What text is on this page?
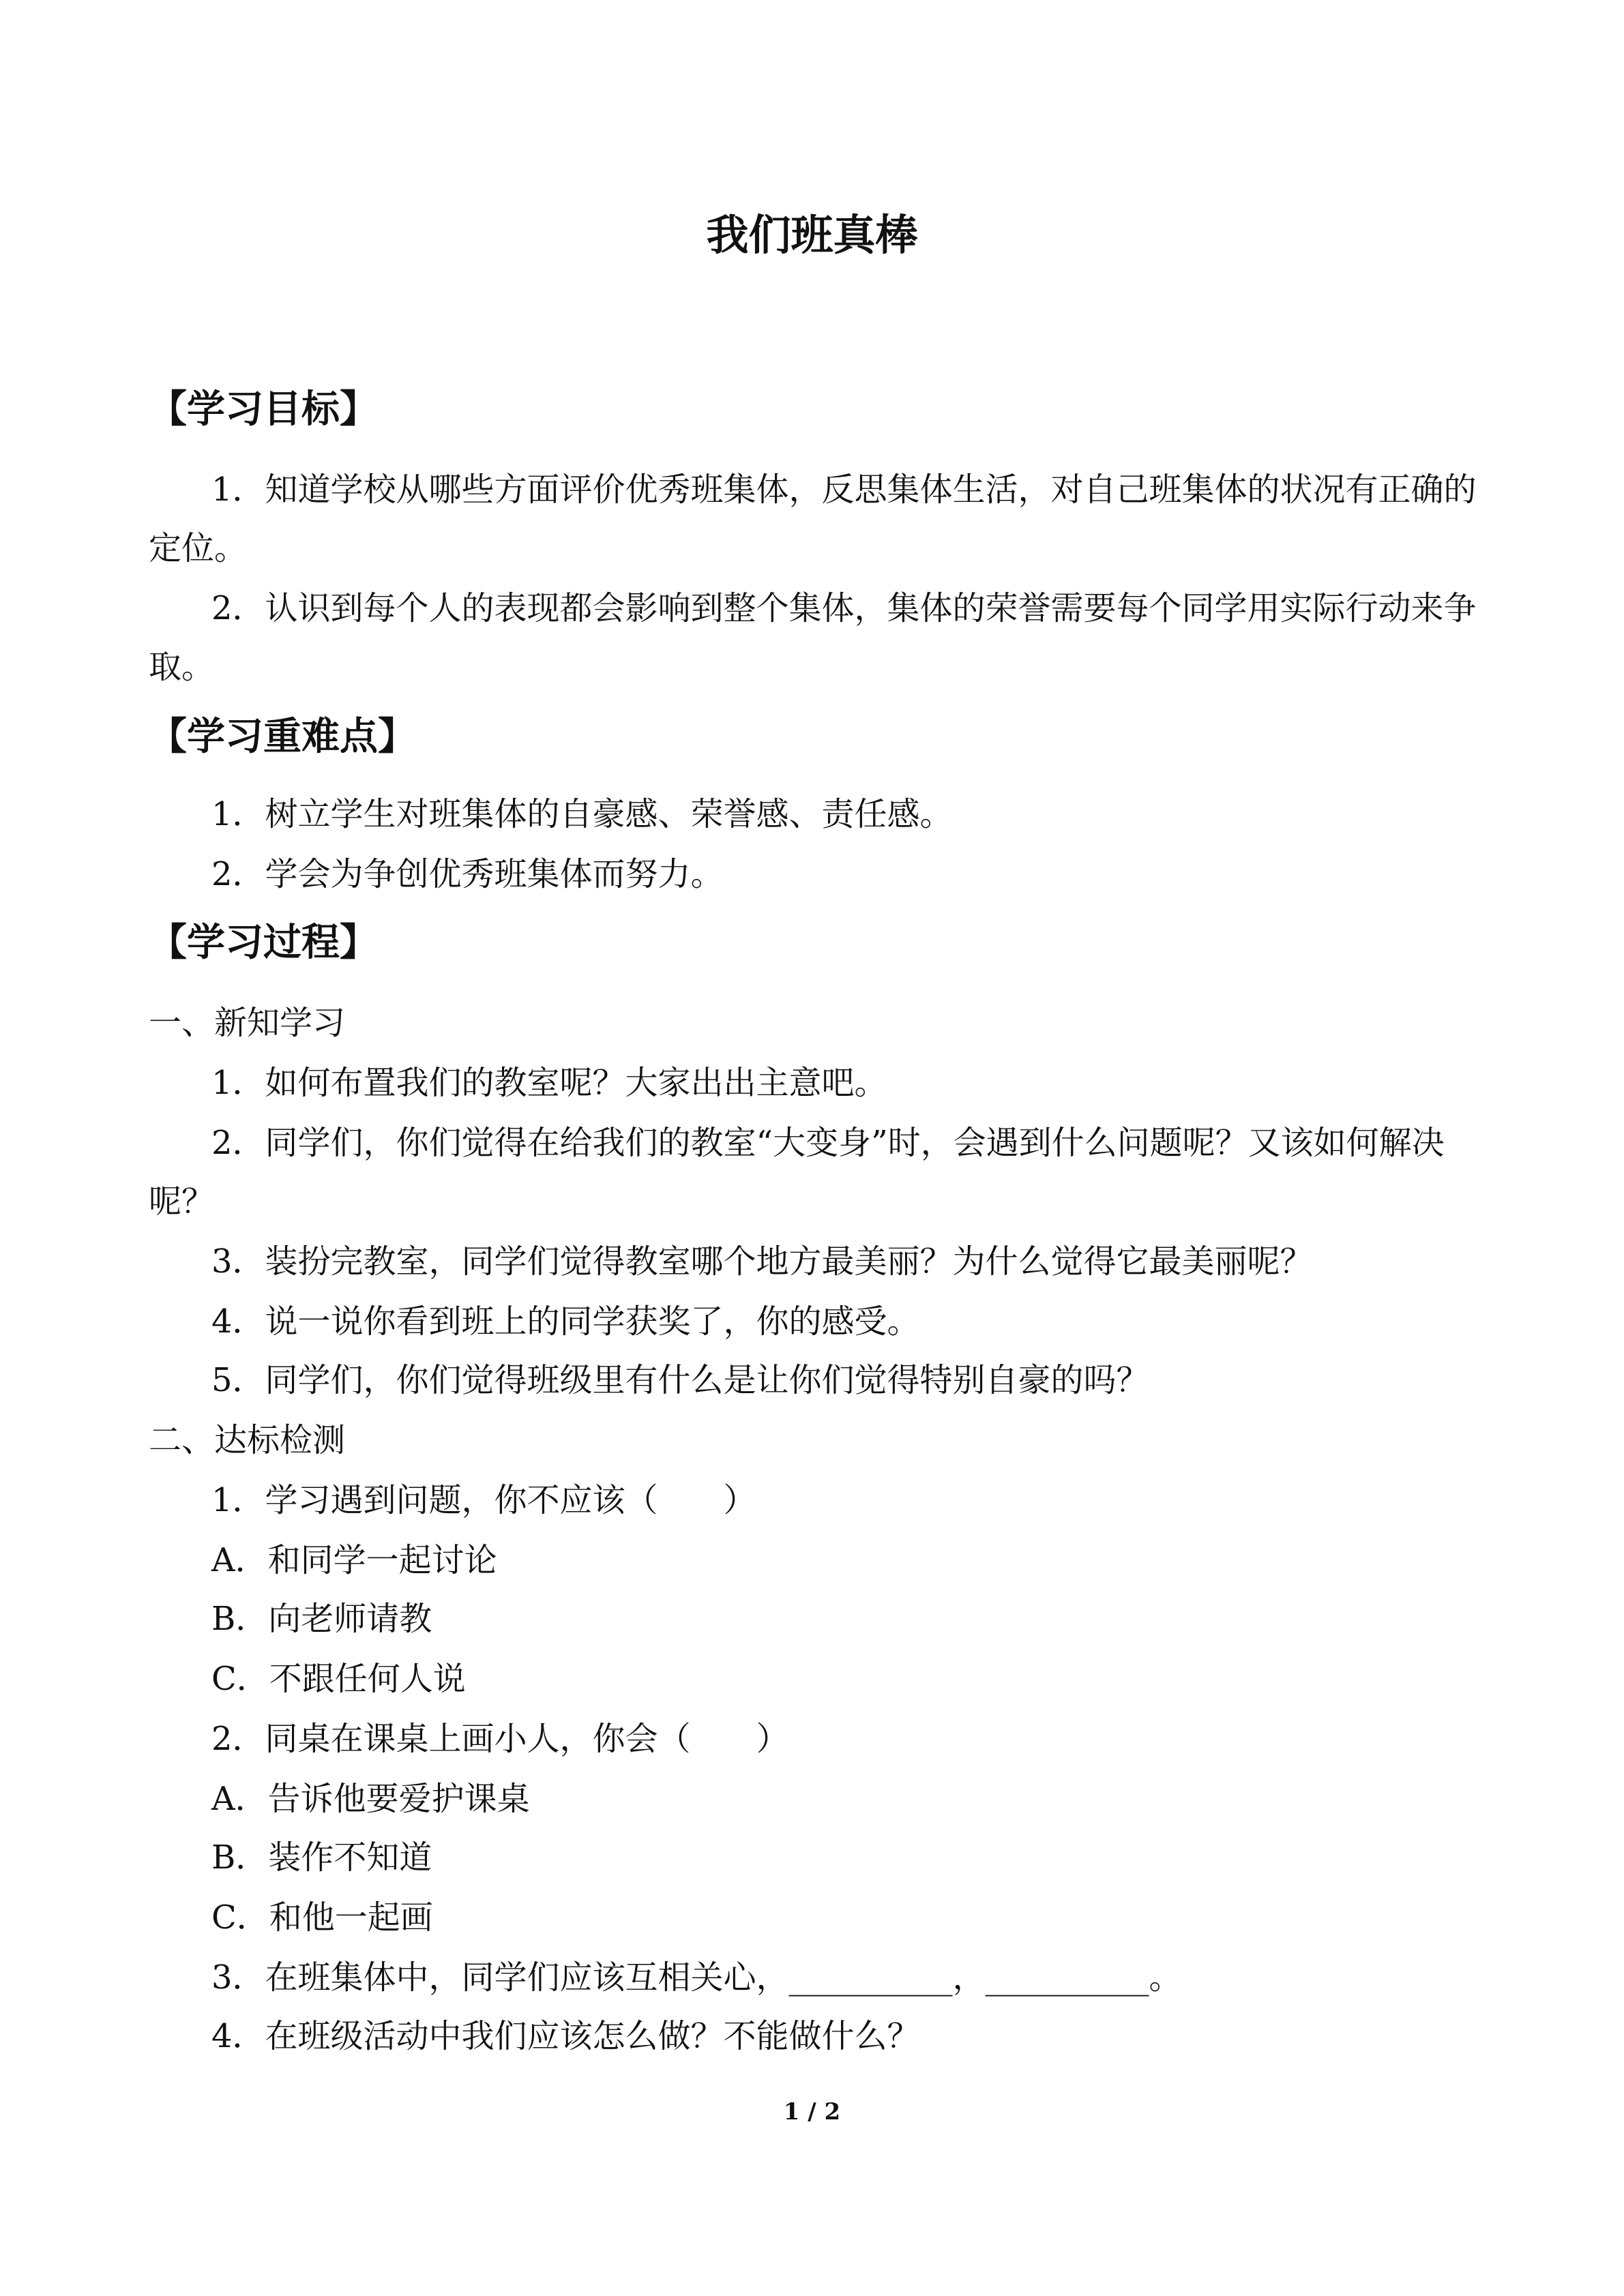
我们班真棒
【学习目标】
1．知道学校从哪些方面评价优秀班集体，反思集体生活，对自己班集体的状况有正确的
定位。
2．认识到每个人的表现都会影响到整个集体，集体的荣誉需要每个同学用实际行动来争
取。
【学习重难点】
1．树立学生对班集体的自豪感、荣誉感、责任感。
2．学会为争创优秀班集体而努力。
【学习过程】
一、新知学习
1．如何布置我们的教室呢？大家出出主意吧。
2．同学们，你们觉得在给我们的教室“大变身”时，会遇到什么问题呢？又该如何解决
呢？
3．装扮完教室，同学们觉得教室哪个地方最美丽？为什么觉得它最美丽呢？
4．说一说你看到班上的同学获奖了，你的感受。
5．同学们，你们觉得班级里有什么是让你们觉得特别自豪的吗？
二、达标检测
1．学习遇到问题，你不应该（　　）
A．和同学一起讨论
B．向老师请教
C．不跟任何人说
2．同桌在课桌上画小人，你会（　　）
A．告诉他要爱护课桌
B．装作不知道
C．和他一起画
3．在班集体中，同学们应该互相关心，__________，__________。
4．在班级活动中我们应该怎么做？不能做什么？
1 / 2
